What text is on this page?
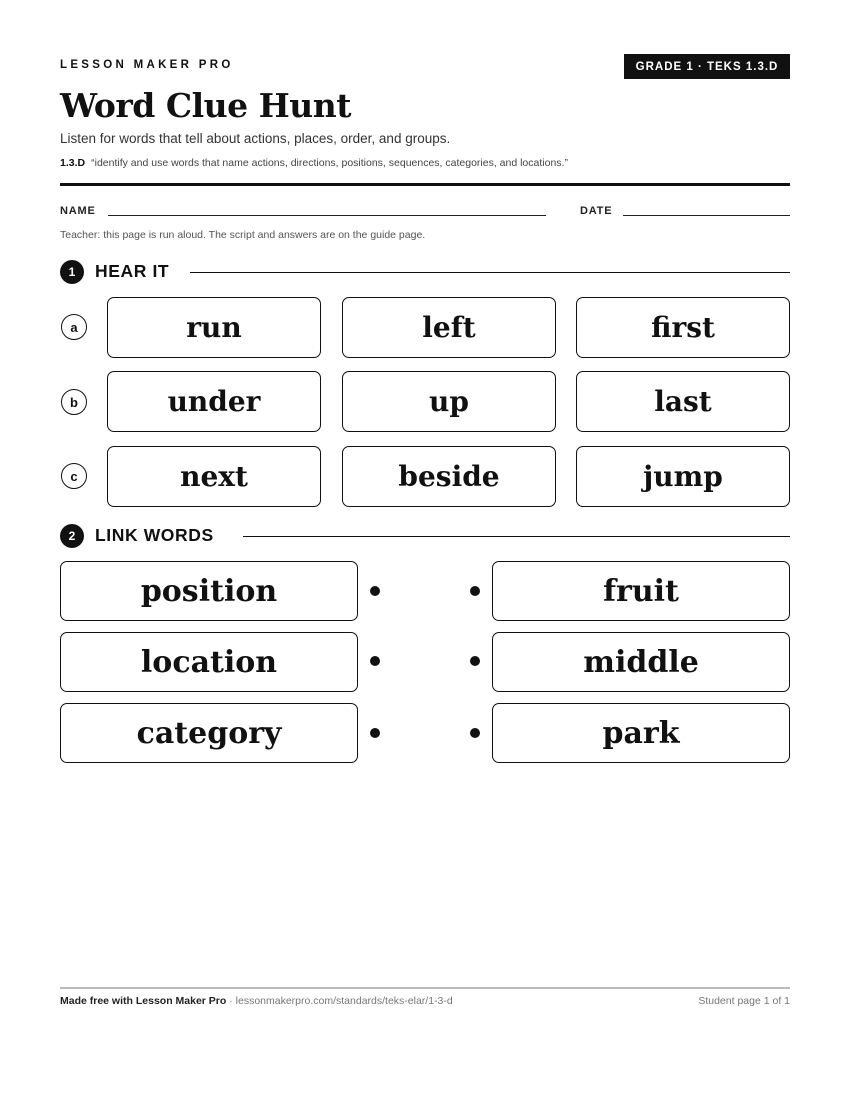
LESSON MAKER PRO	GRADE 1 · TEKS 1.3.D
Word Clue Hunt
Listen for words that tell about actions, places, order, and groups.
1.3.D “identify and use words that name actions, directions, positions, sequences, categories, and locations.”
NAME	DATE
Teacher: this page is run aloud. The script and answers are on the guide page.
1	HEAR IT
a	run	left	first
b	under	up	last
c	next	beside	jump
2	LINK WORDS
position	fruit
location	middle
category	park
Made free with Lesson Maker Pro · lessonmakerpro.com/standards/teks-elar/1-3-d	Student page 1 of 1
